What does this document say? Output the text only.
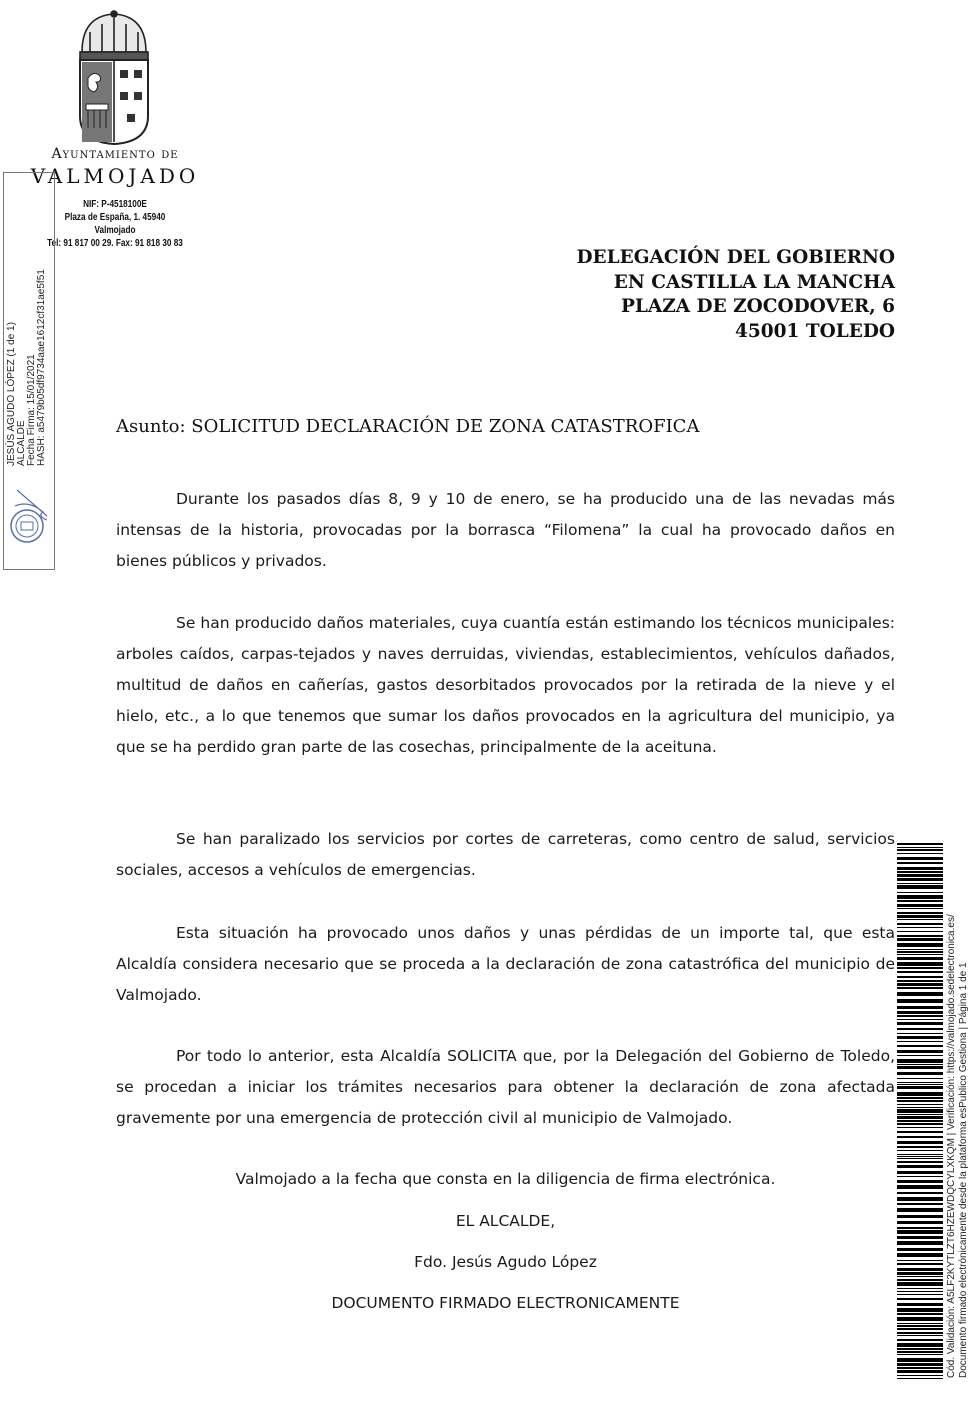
Ayuntamiento de
VALMOJADO
NIF: P-4518100E
Plaza de España, 1. 45940 Valmojado
Tel: 91 817 00 29. Fax: 91 818 30 83
JESÚS AGUDO LÓPEZ (1 de 1) ALCALDE Fecha Firma: 15/01/2021 HASH: a5479b05df9734aae1612cf31ae5f51
DELEGACIÓN DEL GOBIERNO
EN CASTILLA LA MANCHA
PLAZA DE ZOCODOVER, 6
45001 TOLEDO
Asunto: SOLICITUD DECLARACIÓN DE ZONA CATASTROFICA
Durante los pasados días 8, 9 y 10 de enero, se ha producido una de las nevadas más intensas de la historia, provocadas por la borrasca “Filomena” la cual ha provocado daños en bienes públicos y privados.
Se han producido daños materiales, cuya cuantía están estimando los técnicos municipales: arboles caídos, carpas-tejados y naves derruidas, viviendas, establecimientos, vehículos dañados, multitud de daños en cañerías, gastos desorbitados provocados por la retirada de la nieve y el hielo, etc., a lo que tenemos que sumar los daños provocados en la agricultura del municipio, ya que se ha perdido gran parte de las cosechas, principalmente de la aceituna.
Se han paralizado los servicios por cortes de carreteras, como centro de salud, servicios sociales, accesos a vehículos de emergencias.
Esta situación ha provocado unos daños y unas pérdidas de un importe tal, que esta Alcaldía considera necesario que se proceda a la declaración de zona catastrófica del municipio de Valmojado.
Por todo lo anterior, esta Alcaldía SOLICITA que, por la Delegación del Gobierno de Toledo, se procedan a iniciar los trámites necesarios para obtener la declaración de zona afectada gravemente por una emergencia de protección civil al municipio de Valmojado.
Valmojado a la fecha que consta en la diligencia de firma electrónica.
EL ALCALDE,
Fdo. Jesús Agudo López
DOCUMENTO FIRMADO ELECTRONICAMENTE	Cód. Validación: A5LF2KYTLZT6HZEWDQCYLXKQM | Verificación: https://valmojado.sedelectronica.es/ Documento firmado electrónicamente desde la plataforma esPublico Gestiona | Página 1 de 1
